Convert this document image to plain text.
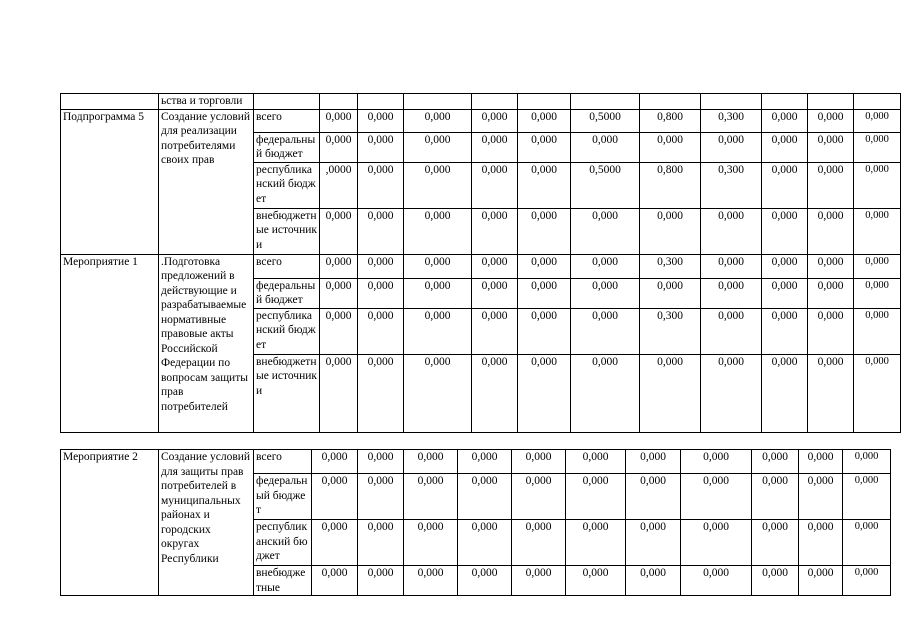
	ьства и торговли												
Подпрограмма 5	Создание условий для реализации потребителями своих прав	всего	0,000	0,000	0,000	0,000	0,000	0,5000	0,800	0,300	0,000	0,000	0,000
		федеральный бюджет	0,000	0,000	0,000	0,000	0,000	0,000	0,000	0,000	0,000	0,000	0,000
		республиканский бюджет	,0000	0,000	0,000	0,000	0,000	0,5000	0,800	0,300	0,000	0,000	0,000
		внебюджетные источники	0,000	0,000	0,000	0,000	0,000	0,000	0,000	0,000	0,000	0,000	0,000
Мероприятие 1	.Подготовка предложений в действующие и разрабатываемые нормативные правовые акты Российской Федерации по вопросам защиты прав потребителей	всего	0,000	0,000	0,000	0,000	0,000	0,000	0,300	0,000	0,000	0,000	0,000
		федеральный бюджет	0,000	0,000	0,000	0,000	0,000	0,000	0,000	0,000	0,000	0,000	0,000
		республиканский бюджет	0,000	0,000	0,000	0,000	0,000	0,000	0,300	0,000	0,000	0,000	0,000
		внебюджетные источники	0,000	0,000	0,000	0,000	0,000	0,000	0,000	0,000	0,000	0,000	0,000
Мероприятие 2	Создание условий для защиты прав потребителей в муниципальных районах и городских округах Республики	всего	0,000	0,000	0,000	0,000	0,000	0,000	0,000	0,000	0,000	0,000	0,000
		федеральный бюджет	0,000	0,000	0,000	0,000	0,000	0,000	0,000	0,000	0,000	0,000	0,000
		республиканский бюджет	0,000	0,000	0,000	0,000	0,000	0,000	0,000	0,000	0,000	0,000	0,000
		внебюджетные	0,000	0,000	0,000	0,000	0,000	0,000	0,000	0,000	0,000	0,000	0,000
